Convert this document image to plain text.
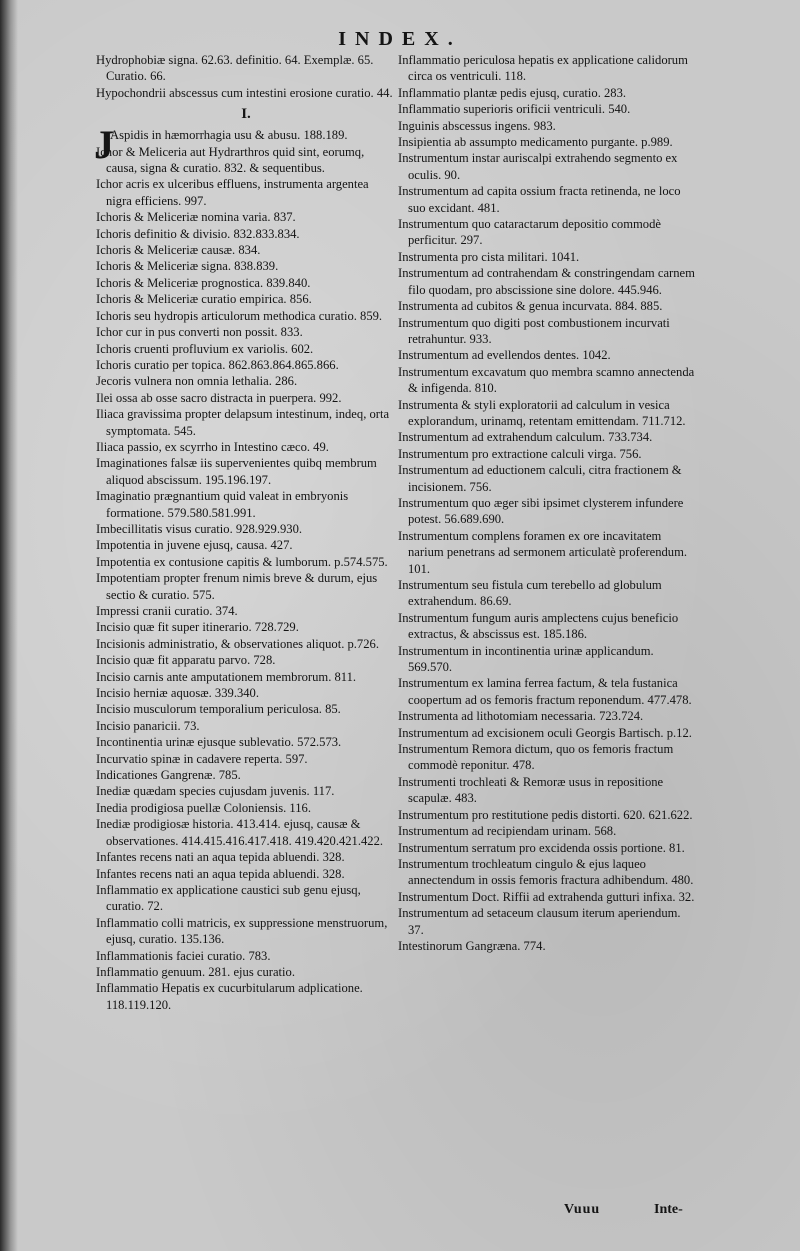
INDEX.

Hydrophobiæ signa. 62.63. definitio. 64. Exemplæ. 65. Curatio. 66.

Hypochondrii abscessus cum intestini erosione curatio. 44.

I.
J

Aspidis in hæmorrhagia usu & abusu. 188.189.

Ichor & Meliceria aut Hydrarthros quid sint, eorumq, causa, signa & curatio. 832. & sequentibus.

Ichor acris ex ulceribus effluens, instrumenta argentea nigra efficiens. 997.

Ichoris & Meliceriæ nomina varia. 837.

Ichoris definitio & divisio. 832.833.834.

Ichoris & Meliceriæ causæ. 834.

Ichoris & Meliceriæ signa. 838.839.

Ichoris & Meliceriæ prognostica. 839.840.

Ichoris & Meliceriæ curatio empirica. 856.

Ichoris seu hydropis articulorum methodica curatio. 859.

Ichor cur in pus converti non possit. 833.

Ichoris cruenti profluvium ex variolis. 602.

Ichoris curatio per topica. 862.863.864.865.866.

Jecoris vulnera non omnia lethalia. 286.

Ilei ossa ab osse sacro distracta in puerpera. 992.

Iliaca gravissima propter delapsum intestinum, indeq, orta symptomata. 545.

Iliaca passio, ex scyrrho in Intestino cæco. 49.

Imaginationes falsæ iis supervenientes quibq membrum aliquod abscissum. 195.196.197.

Imaginatio prægnantium quid valeat in embryonis formatione. 579.580.581.991.

Imbecillitatis visus curatio. 928.929.930.

Impotentia in juvene ejusq, causa. 427.

Impotentia ex contusione capitis & lumborum. p.574.575.

Impotentiam propter frenum nimis breve & durum, ejus sectio & curatio. 575.

Impressi cranii curatio. 374.

Incisio quæ fit super itinerario. 728.729.

Incisionis administratio, & observationes aliquot. p.726.

Incisio quæ fit apparatu parvo. 728.

Incisio carnis ante amputationem membrorum. 811.

Incisio herniæ aquosæ. 339.340.

Incisio musculorum temporalium periculosa. 85.

Incisio panaricii. 73.

Incontinentia urinæ ejusque sublevatio. 572.573.

Incurvatio spinæ in cadavere reperta. 597.

Indicationes Gangrenæ. 785.

Inediæ quædam species cujusdam juvenis. 117.

Inedia prodigiosa puellæ Coloniensis. 116.

Inediæ prodigiosæ historia. 413.414. ejusq, causæ & observationes. 414.415.416.417.418. 419.420.421.422.

Infantes recens nati an aqua tepida abluendi. 328.

Infantes recens nati an aqua tepida abluendi. 328.

Inflammatio ex applicatione caustici sub genu ejusq, curatio. 72.

Inflammatio colli matricis, ex suppressione menstruorum, ejusq, curatio. 135.136.

Inflammationis faciei curatio. 783.

Inflammatio genuum. 281. ejus curatio.

Inflammatio Hepatis ex cucurbitularum adplicatione. 118.119.120.

Inflammatio periculosa hepatis ex applicatione calidorum circa os ventriculi. 118.

Inflammatio plantæ pedis ejusq, curatio. 283.

Inflammatio superioris orificii ventriculi. 540.

Inguinis abscessus ingens. 983.

Insipientia ab assumpto medicamento purgante. p.989.

Instrumentum instar auriscalpi extrahendo segmento ex oculis. 90.

Instrumentum ad capita ossium fracta retinenda, ne loco suo excidant. 481.

Instrumentum quo cataractarum depositio commodè perficitur. 297.

Instrumenta pro cista militari. 1041.

Instrumentum ad contrahendam & constringendam carnem filo quodam, pro abscissione sine dolore. 445.946.

Instrumenta ad cubitos & genua incurvata. 884. 885.

Instrumentum quo digiti post combustionem incurvati retrahuntur. 933.

Instrumentum ad evellendos dentes. 1042.

Instrumentum excavatum quo membra scamno annectenda & infigenda. 810.

Instrumenta & styli exploratorii ad calculum in vesica explorandum, urinamq, retentam emittendam. 711.712.

Instrumentum ad extrahendum calculum. 733.734.

Instrumentum pro extractione calculi virga. 756.

Instrumentum ad eductionem calculi, citra fractionem & incisionem. 756.

Instrumentum quo æger sibi ipsimet clysterem infundere potest. 56.689.690.

Instrumentum complens foramen ex ore incavitatem narium penetrans ad sermonem articulatè proferendum. 101.

Instrumentum seu fistula cum terebello ad globulum extrahendum. 86.69.

Instrumentum fungum auris amplectens cujus beneficio extractus, & abscissus est. 185.186.

Instrumentum in incontinentia urinæ applicandum. 569.570.

Instrumentum ex lamina ferrea factum, & tela fustanica coopertum ad os femoris fractum reponendum. 477.478.

Instrumenta ad lithotomiam necessaria. 723.724.

Instrumentum ad excisionem oculi Georgis Bartisch. p.12.

Instrumentum Remora dictum, quo os femoris fractum commodè reponitur. 478.

Instrumenti trochleati & Remoræ usus in repositione scapulæ. 483.

Instrumentum pro restitutione pedis distorti. 620. 621.622.

Instrumentum ad recipiendam urinam. 568.

Instrumentum serratum pro excidenda ossis portione. 81.

Instrumentum trochleatum cingulo & ejus laqueo annectendum in ossis femoris fractura adhibendum. 480.

Instrumentum Doct. Riffii ad extrahenda gutturi infixa. 32.

Instrumentum ad setaceum clausum iterum aperiendum. 37.

Intestinorum Gangræna. 774.

Vuuu	Inte-
